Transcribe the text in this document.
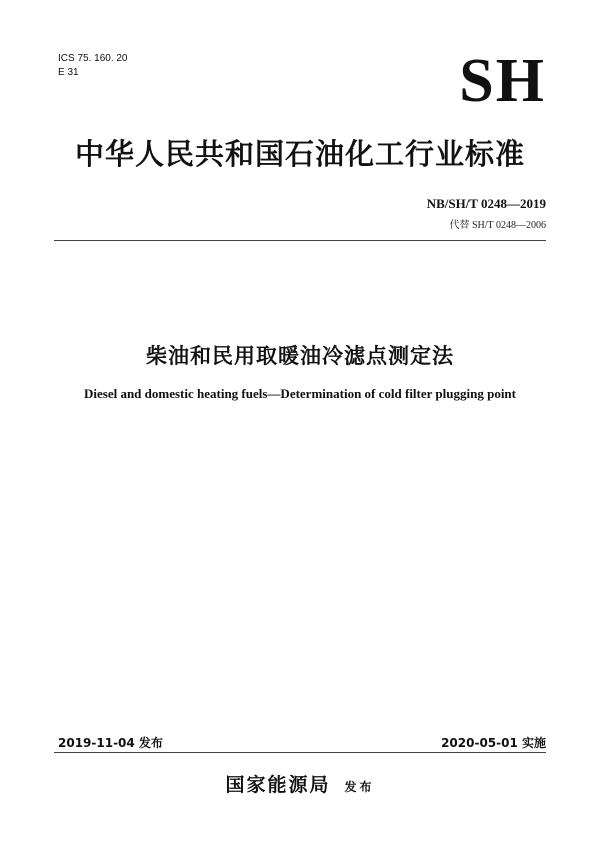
ICS 75. 160. 20
E 31	SH
中华人民共和国石油化工行业标准
NB/SH/T 0248—2019
代替 SH/T 0248—2006
柴油和民用取暖油冷滤点测定法
Diesel and domestic heating fuels—Determination of cold filter plugging point
2019-11-04 发布	2020-05-01 实施
国家能源局 发布
